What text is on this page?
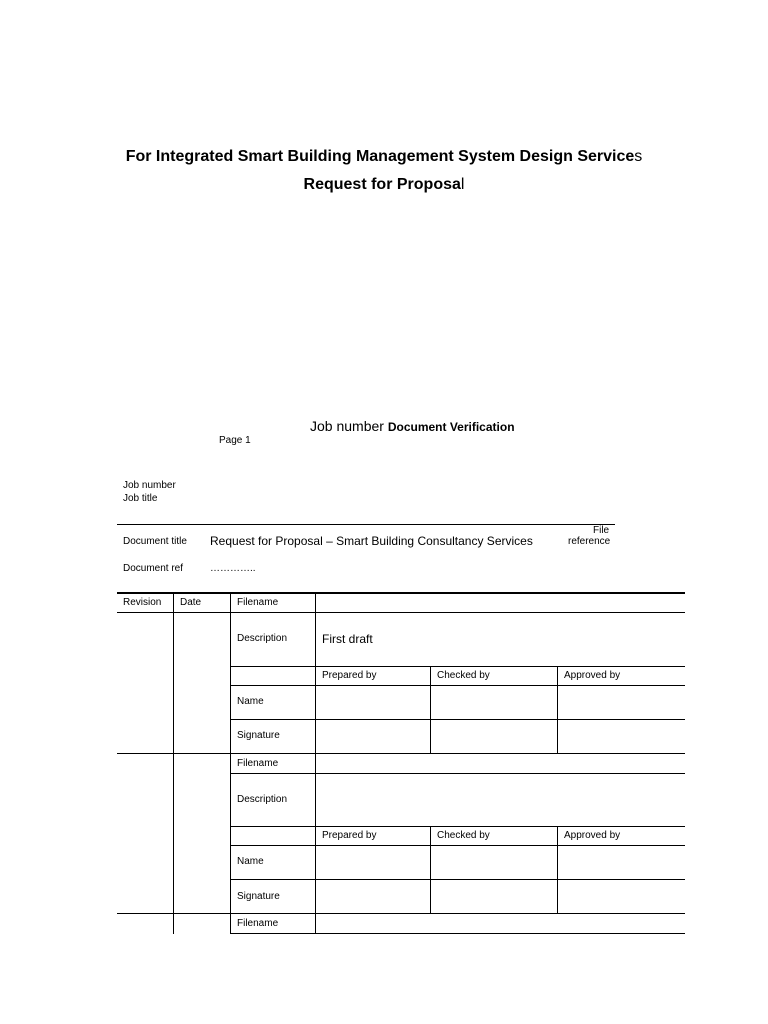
For Integrated Smart Building Management System Design Services
Request for Proposal
Job number Document Verification
Page 1
Job number
Job title
File
reference
Document title Request for Proposal – Smart Building Consultancy Services
Document ref	…………..
Revision Date	Filename
Description	First draft
Prepared by	Checked by	Approved by
Name
Signature
Filename
Description
Prepared by	Checked by	Approved by
Name
Signature
Filename
